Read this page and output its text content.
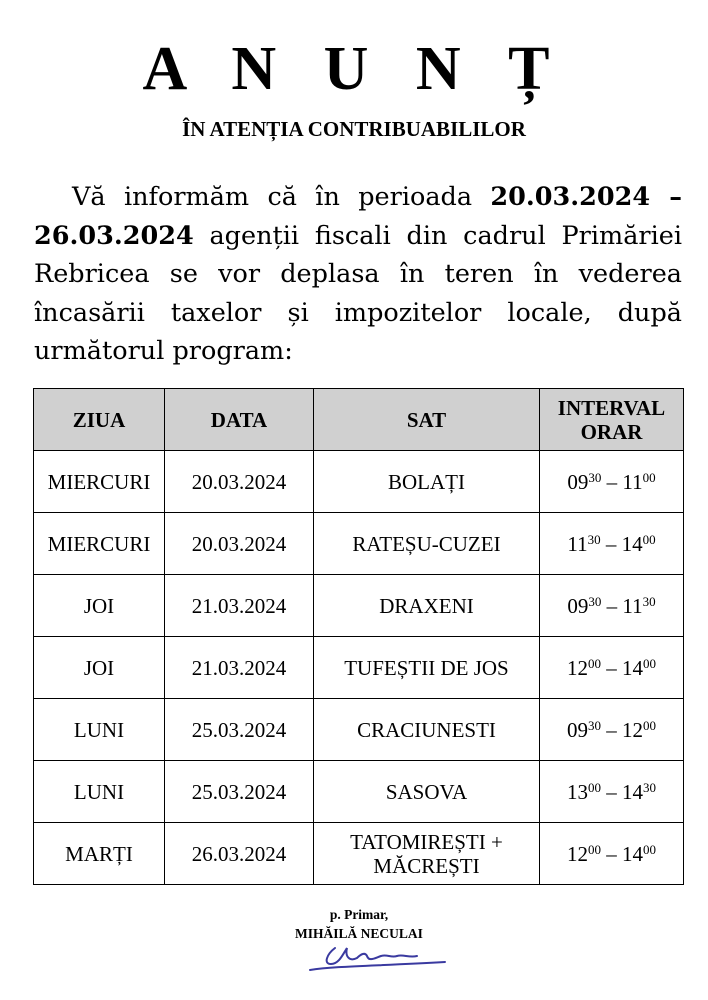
A N U N Ț
ÎN ATENȚIA CONTRIBUABILILOR

Vă informăm că în perioada 20.03.2024 – 26.03.2024 agenții fiscali din cadrul Primăriei Rebricea se vor deplasa în teren în vederea încasării taxelor și impozitelor locale, după următorul program:

ZIUA	DATA	SAT	INTERVAL
ORAR
MIERCURI	20.03.2024	BOLAȚI	$09^{30} - 11^{00}$
MIERCURI	20.03.2024	RATEȘU-CUZEI	$11^{30} - 14^{00}$
JOI	21.03.2024	DRAXENI	$09^{30} - 11^{30}$
JOI	21.03.2024	TUFEȘTII DE JOS	$12^{00} - 14^{00}$
LUNI	25.03.2024	CRACIUNESTI	$09^{30} - 12^{00}$
LUNI	25.03.2024	SASOVA	$13^{00} - 14^{30}$
MARȚI	26.03.2024	TATOMIREȘTI +
MĂCREȘTI	$12^{00} - 14^{00}$
p. Primar,
MIHĂILĂ NECULAI
